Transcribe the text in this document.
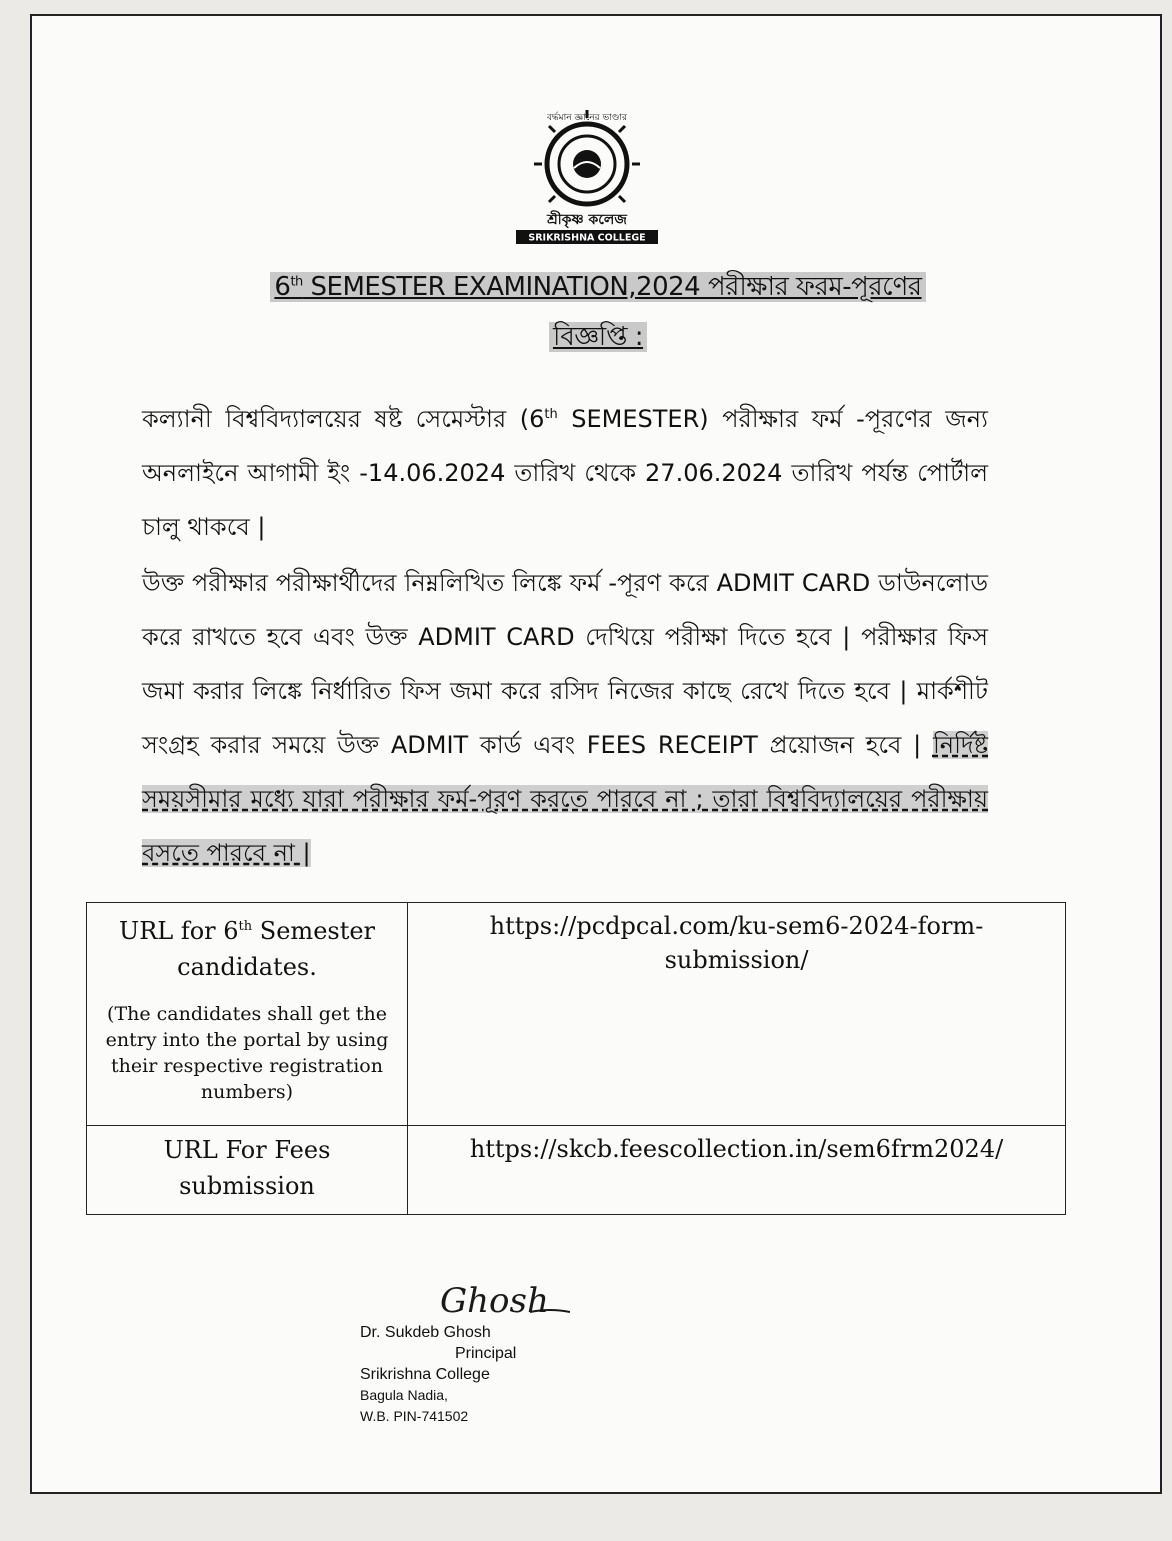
বর্দ্ধমান জ্ঞানের ভাণ্ডার
শ্রীকৃষ্ণ কলেজ
SRIKRISHNA COLLEGE
6th SEMESTER EXAMINATION,2024 পরীক্ষার ফরম-পূরণের
বিজ্ঞপ্তি :
কল্যানী বিশ্ববিদ্যালয়ের ষষ্ট সেমেস্টার (6th SEMESTER) পরীক্ষার ফর্ম -পূরণের জন্য অনলাইনে আগামী ইং -14.06.2024 তারিখ থেকে 27.06.2024 তারিখ পর্যন্ত পোর্টাল চালু থাকবে |
উক্ত পরীক্ষার পরীক্ষার্থীদের নিম্নলিখিত লিঙ্কে ফর্ম -পূরণ করে ADMIT CARD ডাউনলোড করে রাখতে হবে এবং উক্ত ADMIT CARD দেখিয়ে পরীক্ষা দিতে হবে | পরীক্ষার ফিস জমা করার লিঙ্কে নির্ধারিত ফিস জমা করে রসিদ নিজের কাছে রেখে দিতে হবে | মার্কশীট সংগ্রহ করার সময়ে উক্ত ADMIT কার্ড এবং FEES RECEIPT প্রয়োজন হবে | নির্দিষ্ট সময়সীমার মধ্যে যারা পরীক্ষার ফর্ম-পূরণ করতে পারবে না ; তারা বিশ্ববিদ্যালয়ের পরীক্ষায় বসতে পারবে না |
URL for 6th Semester candidates.
(The candidates shall get the entry into the portal by using their respective registration numbers)	https://pcdpcal.com/ku-sem6-2024-form-submission/

URL For Fees submission	https://skcb.feescollection.in/sem6frm2024/
Ghosh
Dr. Sukdeb Ghosh
Principal
Srikrishna College
Bagula Nadia,
W.B. PIN-741502
